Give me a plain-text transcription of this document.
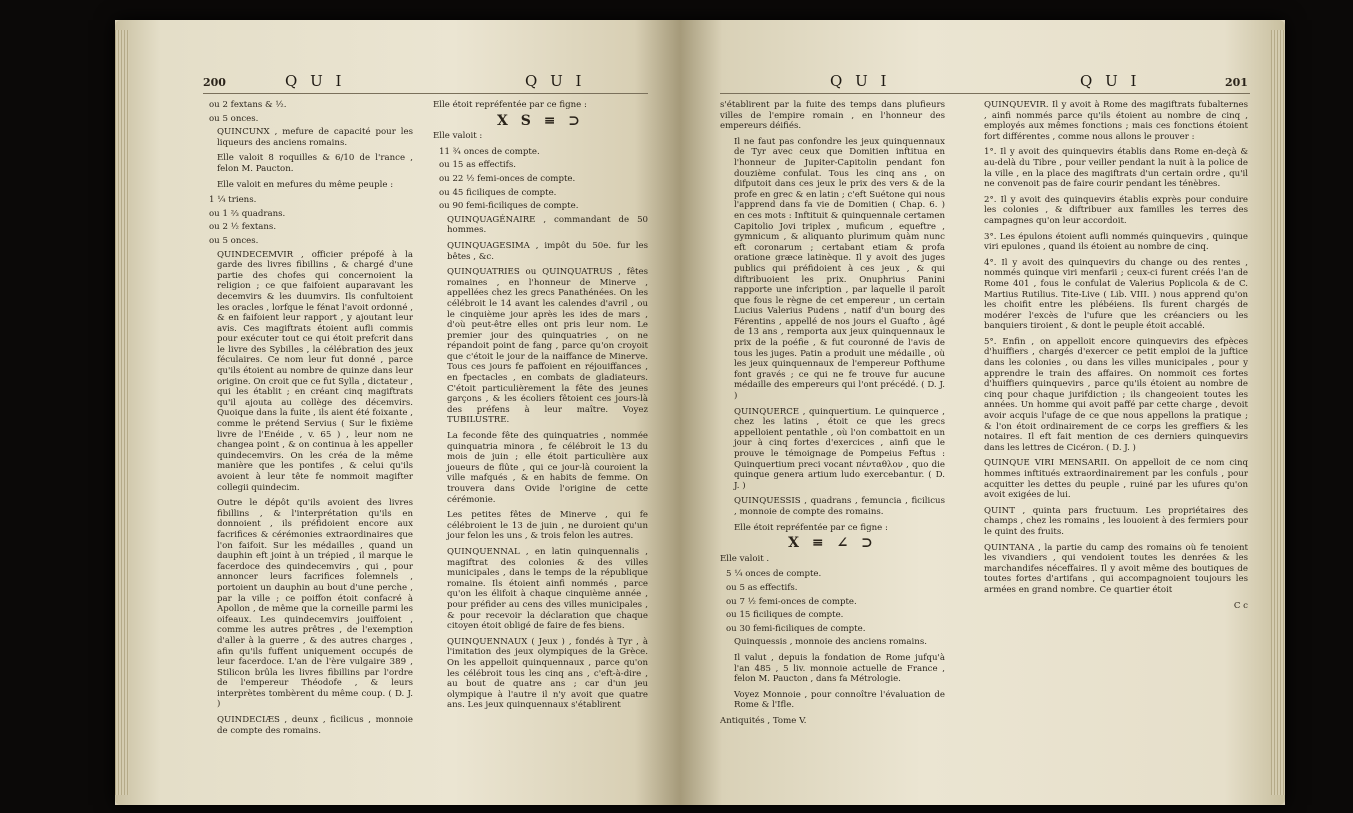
200	Q U I	Q U I

ou 2 fextans & ½.

ou 5 onces.

QUINCUNX , mefure de capacité pour les liqueurs des anciens romains.

Elle valoit 8 roquilles & 6/10 de l'rance , felon M. Paucton.

Elle valoit en mefures du même peuple :

1 ¼ triens.

ou 1 ⅔ quadrans.

ou 2 ½ fextans.

ou 5 onces.

QUINDECEMVIR , officier prépofé à la garde des livres fibillins , & chargé d'une partie des chofes qui concernoient la religion ; ce que faifoient auparavant les decemvirs & les duumvirs. Ils confultoient les oracles , lorfque le fénat l'avoit ordonné , & en faifoient leur rapport , y ajoutant leur avis. Ces magiftrats étoient aufli commis pour exécuter tout ce qui étoit prefcrit dans le livre des Sybilles , la célébration des jeux féculaires. Ce nom leur fut donné , parce qu'ils étoient au nombre de quinze dans leur origine. On croit que ce fut Sylla , dictateur , qui les établit ; en créant cinq magiftrats qu'il ajouta au collège des décemvirs. Quoique dans la fuite , ils aient été foixante , comme le prétend Servius ( Sur le fixième livre de l'Enéide , v. 65 ) , leur nom ne changea point , & on continua à les appeller quindecemvirs. On les créa de la même manière que les pontifes , & celui qu'ils avoient à leur tête fe nommoit magifter collegii quindecim.

Outre le dépôt qu'ils avoient des livres fibillins , & l'interprétation qu'ils en donnoient , ils préfidoient encore aux facrifices & cérémonies extraordinaires que l'on faifoit. Sur les médailles , quand un dauphin eft joint à un trépied , il marque le facerdoce des quindecemvirs , qui , pour annoncer leurs facrifices folemnels , portoient un dauphin au bout d'une perche , par la ville ; ce poiffon étoit confacré à Apollon , de même que la corneille parmi les oifeaux. Les quindecemvirs jouiffoient , comme les autres prêtres , de l'exemption d'aller à la guerre , & des autres charges , afin qu'ils fuffent uniquement occupés de leur facerdoce. L'an de l'ère vulgaire 389 , Stilicon brûla les livres fibillins par l'ordre de l'empereur Théodofe , & leurs interprètes tombèrent du même coup. ( D. J. )

QUINDECIÆS , deunx , ficilicus , monnoie de compte des romains.

Elle étoit repréfentée par ce figne :

X S ≡ ⊃

Elle valoit :

11 ¾ onces de compte.

ou 15 as effectifs.

ou 22 ½ femi-onces de compte.

ou 45 ficiliques de compte.

ou 90 femi-ficiliques de compte.

QUINQUAGÉNAIRE , commandant de 50 hommes.

QUINQUAGESIMA , impôt du 50e. fur les bêtes , &c.

QUINQUATRIES ou QUINQUATRUS , fêtes romaines , en l'honneur de Minerve , appellées chez les grecs Panathénées. On les célébroit le 14 avant les calendes d'avril , ou le cinquième jour après les ides de mars , d'où peut-être elles ont pris leur nom. Le premier jour des quinquatries , on ne répandoit point de fang , parce qu'on croyoit que c'étoit le jour de la naiffance de Minerve. Tous ces jours fe paffoient en réjouiffances , en fpectacles , en combats de gladiateurs. C'étoit particulièrement la fête des jeunes garçons , & les écoliers fêtoient ces jours-là des préfens à leur maître. Voyez TUBILUSTRE.

La feconde fête des quinquatries , nommée quinquatria minora , fe célébroit le 13 du mois de juin ; elle étoit particulière aux joueurs de flûte , qui ce jour-là couroient la ville mafqués , & en habits de femme. On trouvera dans Ovide l'origine de cette cérémonie.

Les petites fêtes de Minerve , qui fe célébroient le 13 de juin , ne duroient qu'un jour felon les uns , & trois felon les autres.

QUINQUENNAL , en latin quinquennalis , magiftrat des colonies & des villes municipales , dans le temps de la république romaine. Ils étoient ainfi nommés , parce qu'on les élifoit à chaque cinquième année , pour préfider au cens des villes municipales , & pour recevoir la déclaration que chaque citoyen étoit obligé de faire de fes biens.

QUINQUENNAUX ( Jeux ) , fondés à Tyr , à l'imitation des jeux olympiques de la Grèce. On les appelloit quinquennaux , parce qu'on les célébroit tous les cinq ans , c'eft-à-dire , au bout de quatre ans ; car d'un jeu olympique à l'autre il n'y avoit que quatre ans. Les jeux quinquennaux s'établirent

Q U I	Q U I	201

s'établirent par la fuite des temps dans plufieurs villes de l'empire romain , en l'honneur des empereurs déifiés.

Il ne faut pas confondre les jeux quinquennaux de Tyr avec ceux que Domitien inftitua en l'honneur de Jupiter-Capitolin pendant fon douzième confulat. Tous les cinq ans , on difputoit dans ces jeux le prix des vers & de la profe en grec & en latin ; c'eft Suétone qui nous l'apprend dans fa vie de Domitien ( Chap. 6. ) en ces mots : Inftituit & quinquennale certamen Capitolio Jovi triplex , muficum , equeftre , gymnicum , & aliquanto plurimum quàm nunc eft coronarum ; certabant etiam & profa oratione græce latinèque. Il y avoit des juges publics qui préfidoient à ces jeux , & qui diftribuoient les prix. Onuphrius Panini rapporte une infcription , par laquelle il paroît que fous le règne de cet empereur , un certain Lucius Valerius Pudens , natif d'un bourg des Férentins , appellé de nos jours el Guafto , âgé de 13 ans , remporta aux jeux quinquennaux le prix de la poéfie , & fut couronné de l'avis de tous les juges. Patin a produit une médaille , où les jeux quinquennaux de l'empereur Pofthume font gravés ; ce qui ne fe trouve fur aucune médaille des empereurs qui l'ont précédé. ( D. J. )

QUINQUERCE , quinquertium. Le quinquerce , chez les latins , étoit ce que les grecs appelloient pentathle , où l'on combattoit en un jour à cinq fortes d'exercices , ainfi que le prouve le témoignage de Pompeius Feftus : Quinquertium preci vocant πένταθλον , quo die quinque genera artium ludo exercebantur. ( D. J. )

QUINQUESSIS , quadrans , femuncia , ficilicus , monnoie de compte des romains.

Elle étoit repréfentée par ce figne :

X ≡ ∠ ⊃

Elle valoit .

5 ¼ onces de compte.

ou 5 as effectifs.

ou 7 ½ femi-onces de compte.

ou 15 ficiliques de compte.

ou 30 femi-ficiliques de compte.

Quinquessis , monnoie des anciens romains.

Il valut , depuis la fondation de Rome jufqu'à l'an 485 , 5 liv. monnoie actuelle de France , felon M. Paucton , dans fa Métrologie.

Voyez Monnoie , pour connoître l'évaluation de Rome & l'Ifle.

Antiquités , Tome V.

QUINQUEVIR. Il y avoit à Rome des magiftrats fubalternes , ainfi nommés parce qu'ils étoient au nombre de cinq , employés aux mêmes fonctions ; mais ces fonctions étoient fort différentes , comme nous allons le prouver :

1°. Il y avoit des quinquevirs établis dans Rome en-deçà & au-delà du Tibre , pour veiller pendant la nuit à la police de la ville , en la place des magiftrats d'un certain ordre , qu'il ne convenoit pas de faire courir pendant les ténèbres.

2°. Il y avoit des quinquevirs établis exprès pour conduire les colonies , & diftribuer aux familles les terres des campagnes qu'on leur accordoit.

3°. Les épulons étoient aufli nommés quinquevirs , quinque viri epulones , quand ils étoient au nombre de cinq.

4°. Il y avoit des quinquevirs du change ou des rentes , nommés quinque viri menfarii ; ceux-ci furent créés l'an de Rome 401 , fous le confulat de Valerius Poplicola & de C. Martius Rutilius. Tite-Live ( Lib. VIII. ) nous apprend qu'on les choifit entre les plébéiens. Ils furent chargés de modérer l'excès de l'ufure que les créanciers ou les banquiers tiroient , & dont le peuple étoit accablé.

5°. Enfin , on appelloit encore quinquevirs des efpèces d'huiffiers , chargés d'exercer ce petit emploi de la juftice dans les colonies , ou dans les villes municipales , pour y apprendre le train des affaires. On nommoit ces fortes d'huiffiers quinquevirs , parce qu'ils étoient au nombre de cinq pour chaque jurifdiction ; ils changeoient toutes les années. Un homme qui avoit paffé par cette charge , devoit avoir acquis l'ufage de ce que nous appellons la pratique ; & l'on étoit ordinairement de ce corps les greffiers & les notaires. Il eft fait mention de ces derniers quinquevirs dans les lettres de Cicéron. ( D. J. )

QUINQUE VIRI MENSARII. On appelloit de ce nom cinq hommes inftitués extraordinairement par les confuls , pour acquitter les dettes du peuple , ruiné par les ufures qu'on avoit exigées de lui.

QUINT , quinta pars fructuum. Les propriétaires des champs , chez les romains , les louoient à des fermiers pour le quint des fruits.

QUINTANA , la partie du camp des romains où fe tenoient les vivandiers , qui vendoient toutes les denrées & les marchandifes néceffaires. Il y avoit même des boutiques de toutes fortes d'artifans , qui accompagnoient toujours les armées en grand nombre. Ce quartier étoit

C c
